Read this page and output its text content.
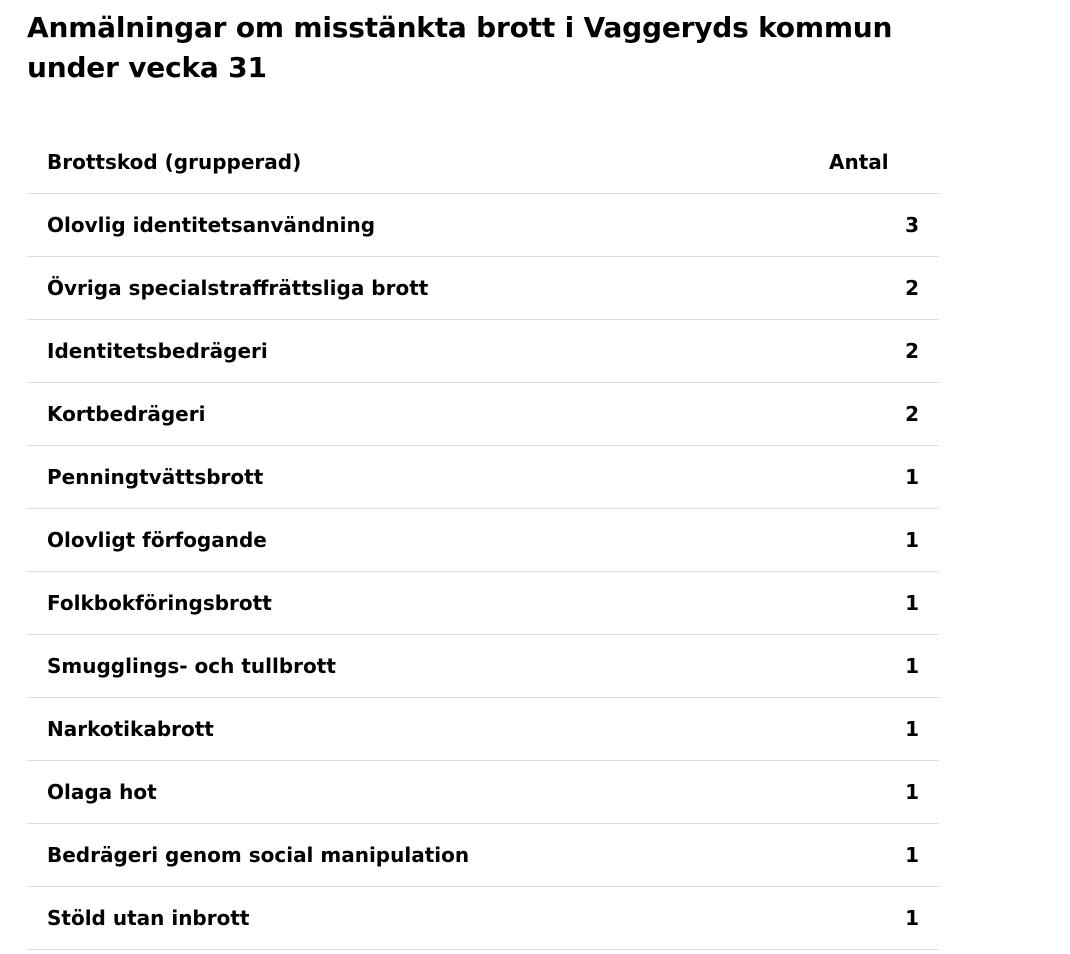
Anmälningar om misstänkta brott i Vaggeryds kommun under vecka 31
Brottskod (grupperad)	Antal
Olovlig identitetsanvändning	3
Övriga specialstraffrättsliga brott	2
Identitetsbedrägeri	2
Kortbedrägeri	2
Penningtvättsbrott	1
Olovligt förfogande	1
Folkbokföringsbrott	1
Smugglings- och tullbrott	1
Narkotikabrott	1
Olaga hot	1
Bedrägeri genom social manipulation	1
Stöld utan inbrott	1
